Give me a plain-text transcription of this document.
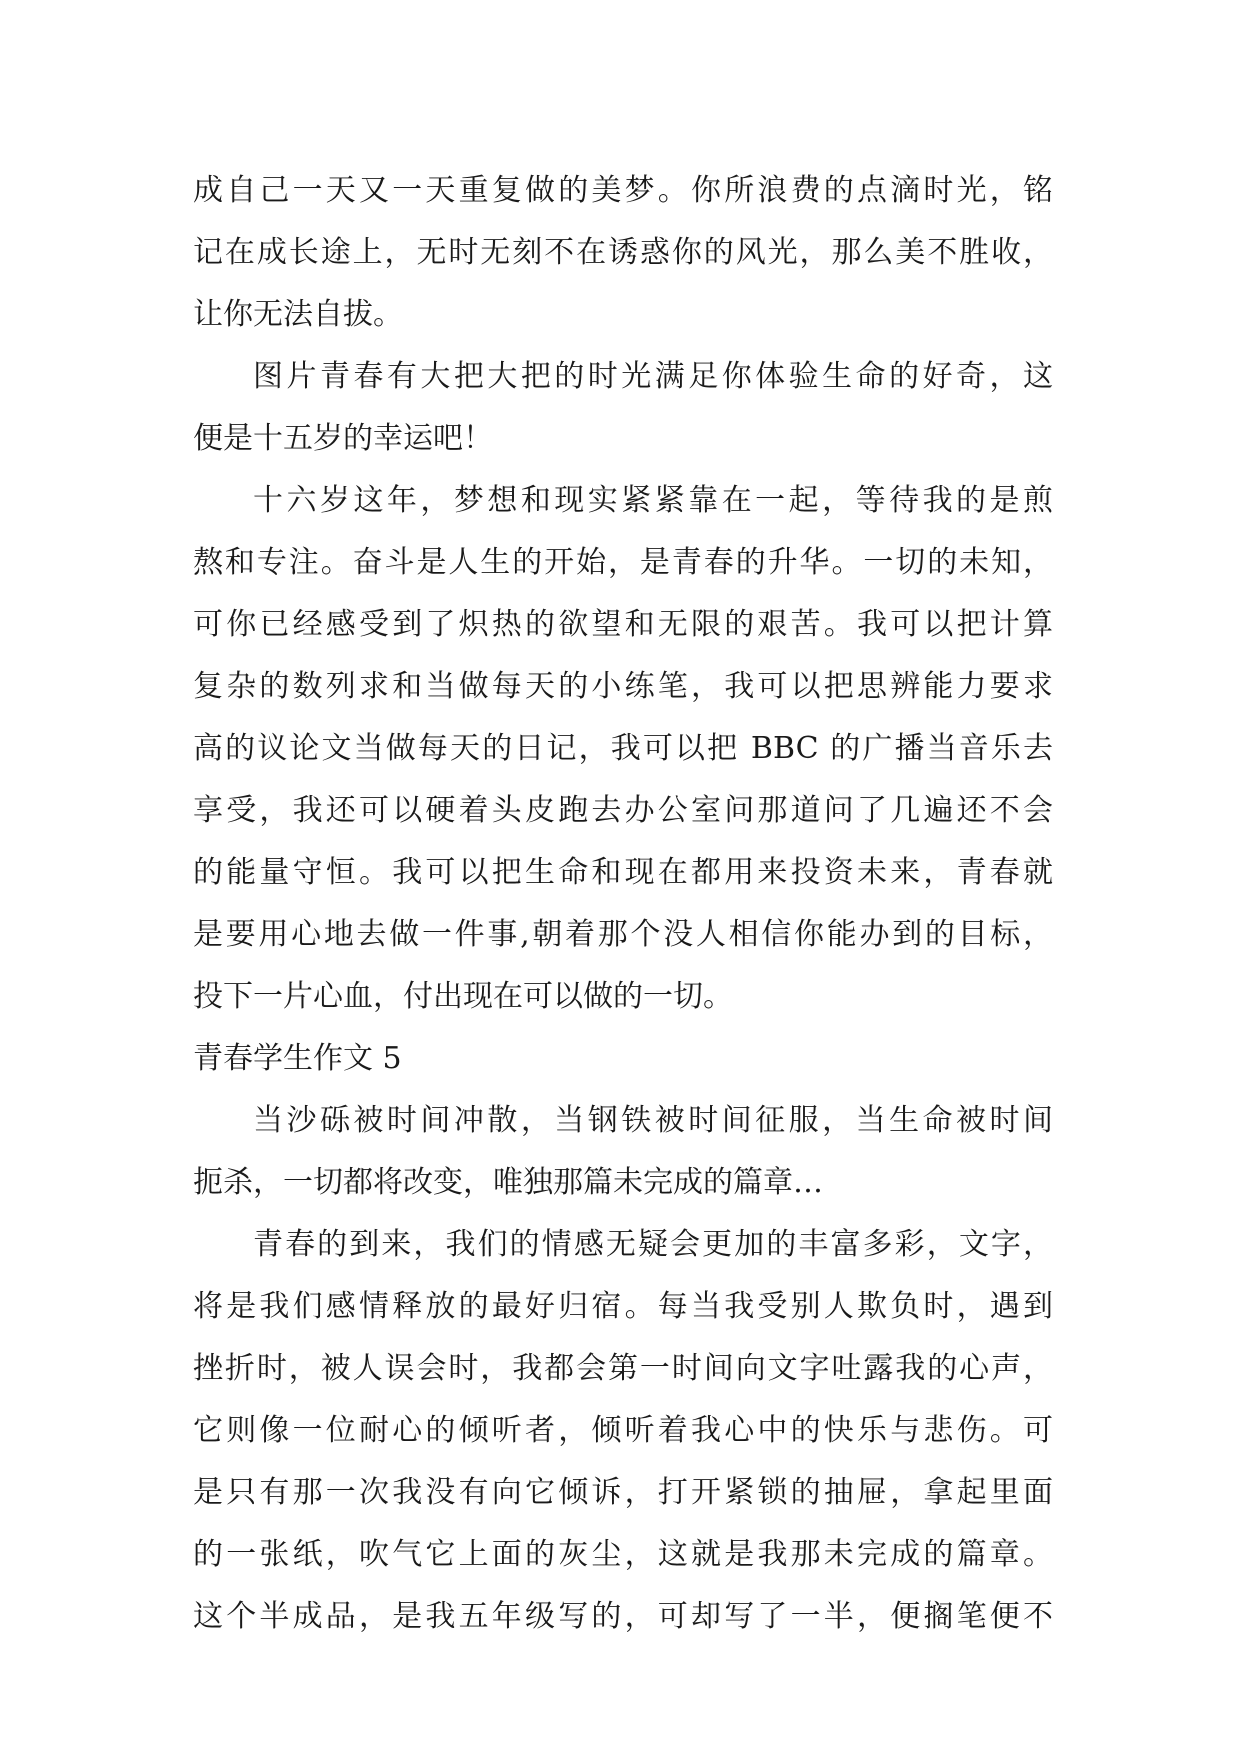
成自己一天又一天重复做的美梦。你所浪费的点滴时光，铭
记在成长途上，无时无刻不在诱惑你的风光，那么美不胜收，
让你无法自拔。
图片青春有大把大把的时光满足你体验生命的好奇，这
便是十五岁的幸运吧！
十六岁这年，梦想和现实紧紧靠在一起，等待我的是煎
熬和专注。奋斗是人生的开始，是青春的升华。一切的未知，
可你已经感受到了炽热的欲望和无限的艰苦。我可以把计算
复杂的数列求和当做每天的小练笔，我可以把思辨能力要求
高的议论文当做每天的日记，我可以把 BBC 的广播当音乐去
享受，我还可以硬着头皮跑去办公室问那道问了几遍还不会
的能量守恒。我可以把生命和现在都用来投资未来，青春就
是要用心地去做一件事,朝着那个没人相信你能办到的目标，
投下一片心血，付出现在可以做的一切。
青春学生作文 5
当沙砾被时间冲散，当钢铁被时间征服，当生命被时间
扼杀，一切都将改变，唯独那篇未完成的篇章…
青春的到来，我们的情感无疑会更加的丰富多彩，文字，
将是我们感情释放的最好归宿。每当我受别人欺负时，遇到
挫折时，被人误会时，我都会第一时间向文字吐露我的心声，
它则像一位耐心的倾听者，倾听着我心中的快乐与悲伤。可
是只有那一次我没有向它倾诉，打开紧锁的抽屉，拿起里面
的一张纸，吹气它上面的灰尘，这就是我那未完成的篇章。
这个半成品，是我五年级写的，可却写了一半，便搁笔便不
